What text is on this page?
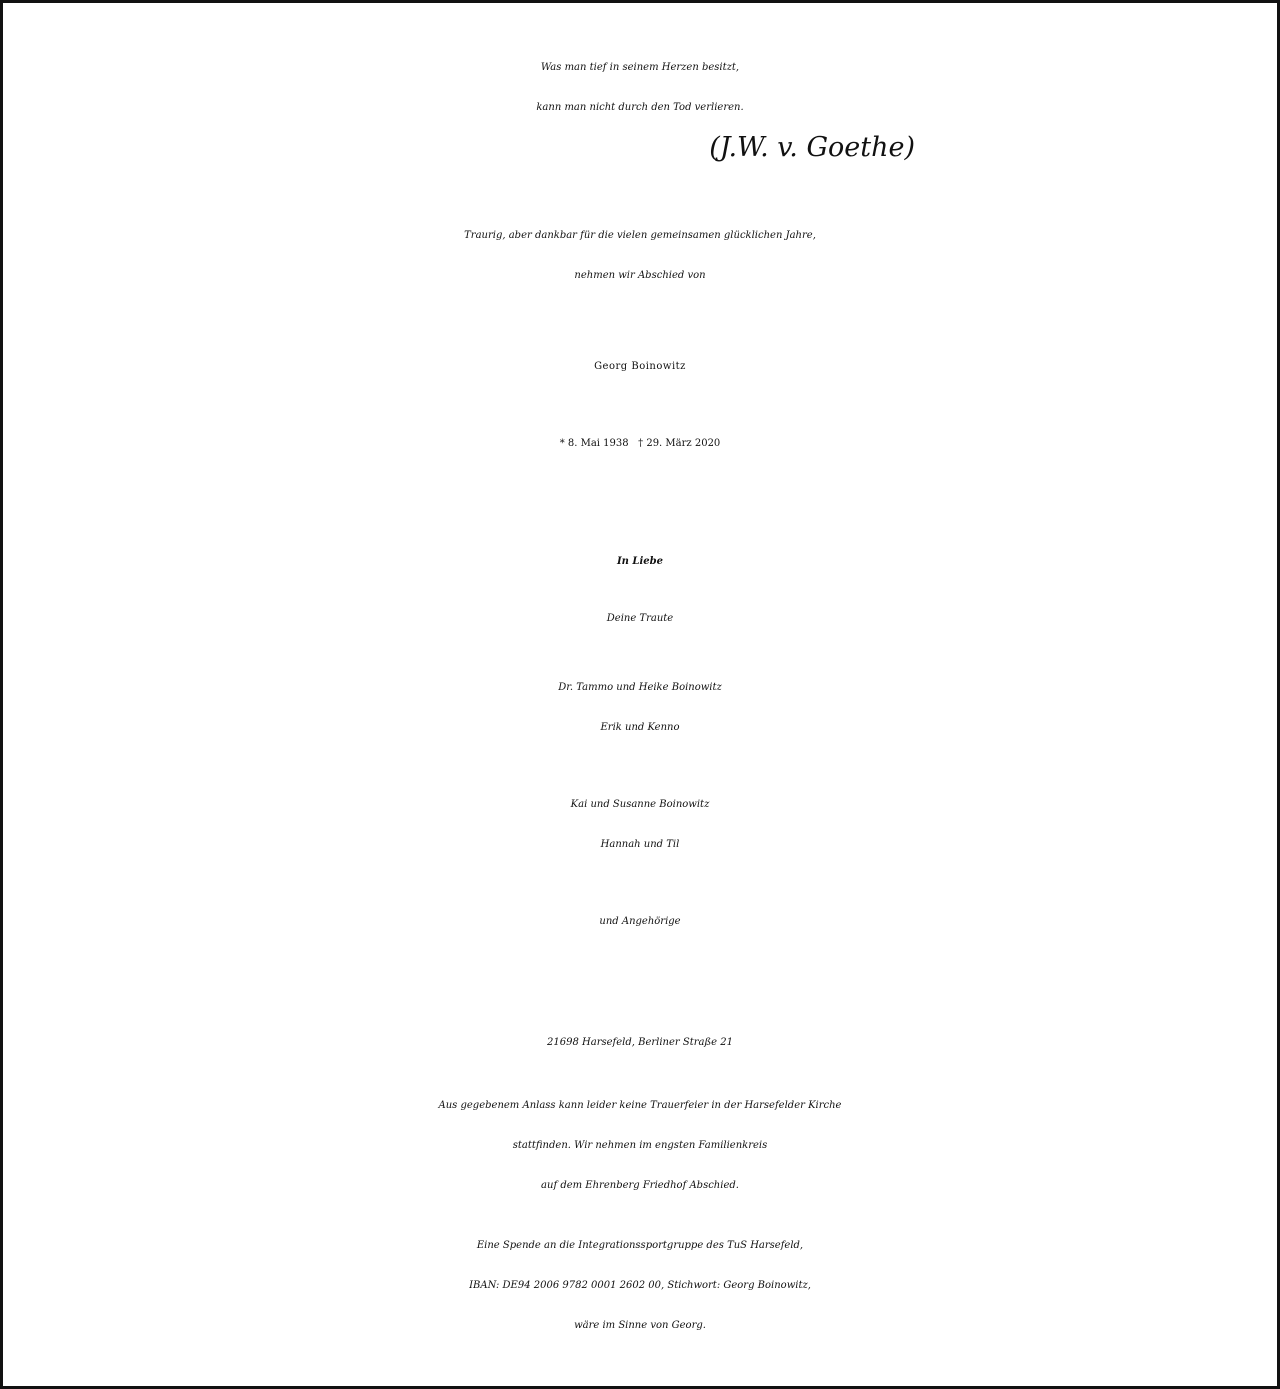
Was man tief in seinem Herzen besitzt,
kann man nicht durch den Tod verlieren.
(J.W. v. Goethe)
Traurig, aber dankbar für die vielen gemeinsamen glücklichen Jahre,
nehmen wir Abschied von
Georg Boinowitz
* 8. Mai 1938   † 29. März 2020
In Liebe
Deine Traute
Dr. Tammo und Heike Boinowitz
Erik und Kenno
Kai und Susanne Boinowitz
Hannah und Til
und Angehörige
21698 Harsefeld, Berliner Straße 21
Aus gegebenem Anlass kann leider keine Trauerfeier in der Harsefelder Kirche
stattfinden. Wir nehmen im engsten Familienkreis
auf dem Ehrenberg Friedhof Abschied.
Eine Spende an die Integrationssportgruppe des TuS Harsefeld,
IBAN: DE94 2006 9782 0001 2602 00, Stichwort: Georg Boinowitz,
wäre im Sinne von Georg.
